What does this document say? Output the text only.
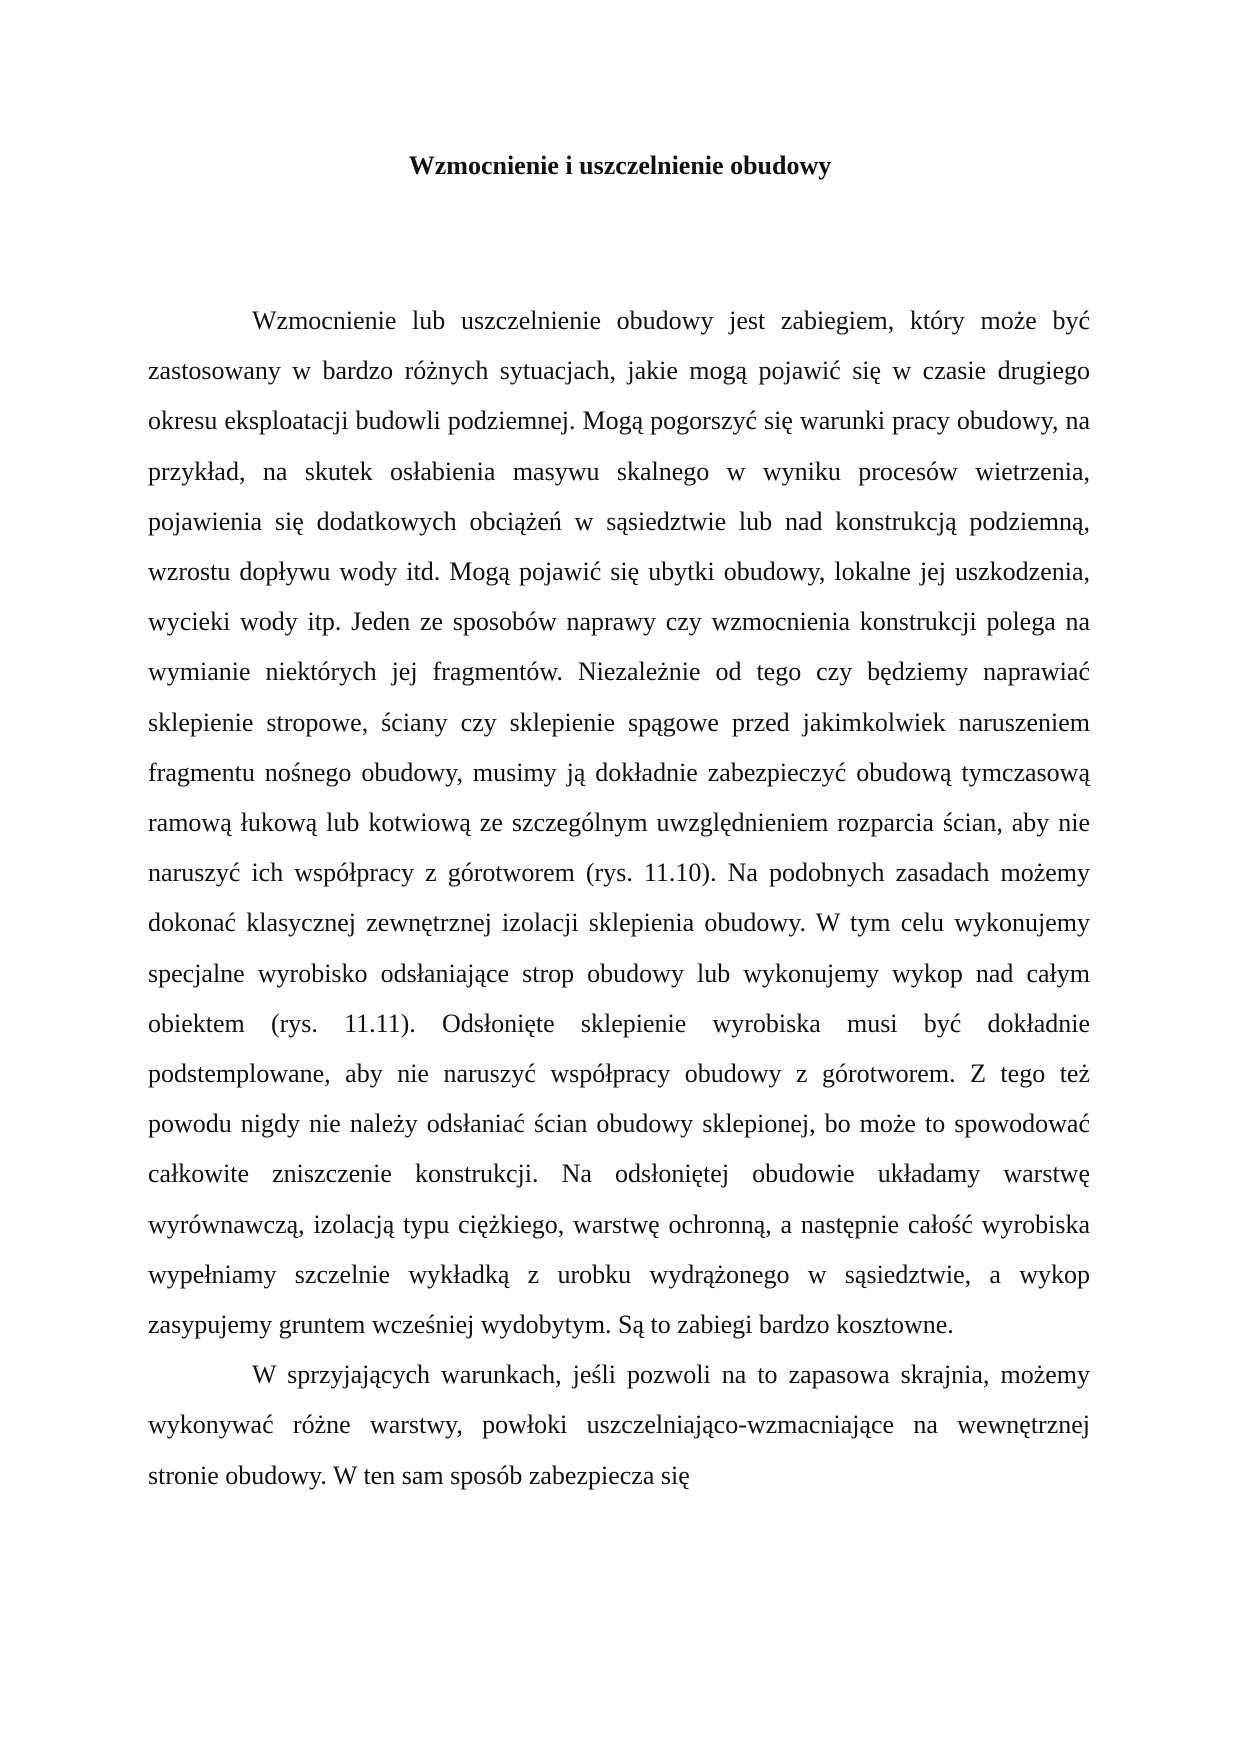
Wzmocnienie i uszczelnienie obudowy

Wzmocnienie lub uszczelnienie obudowy jest zabiegiem, który może być zastosowany w bardzo różnych sytuacjach, jakie mogą pojawić się w czasie drugiego okresu eksploatacji budowli podziemnej. Mogą pogorszyć się warunki pracy obudowy, na przykład, na skutek osłabienia masywu skalnego w wyniku procesów wietrzenia, pojawienia się dodatkowych obciążeń w sąsiedztwie lub nad konstrukcją podziemną, wzrostu dopływu wody itd. Mogą pojawić się ubytki obudowy, lokalne jej uszkodzenia, wycieki wody itp. Jeden ze sposobów naprawy czy wzmocnienia konstrukcji polega na wymianie niektórych jej fragmentów. Niezależnie od tego czy będziemy naprawiać sklepienie stropowe, ściany czy sklepienie spągowe przed jakimkolwiek naruszeniem fragmentu nośnego obudowy, musimy ją dokładnie zabezpieczyć obudową tymczasową ramową łukową lub kotwiową ze szczególnym uwzględnieniem rozparcia ścian, aby nie naruszyć ich współpracy z górotworem (rys. 11.10). Na podobnych zasadach możemy dokonać klasycznej zewnętrznej izolacji sklepienia obudowy. W tym celu wykonujemy specjalne wyrobisko odsłaniające strop obudowy lub wykonujemy wykop nad całym obiektem (rys. 11.11). Odsłonięte sklepienie wyrobiska musi być dokładnie podstemplowane, aby nie naruszyć współpracy obudowy z górotworem. Z tego też powodu nigdy nie należy odsłaniać ścian obudowy sklepionej, bo może to spowodować całkowite zniszczenie konstrukcji. Na odsłoniętej obudowie układamy warstwę wyrównawczą, izolacją typu ciężkiego, warstwę ochronną, a następnie całość wyrobiska wypełniamy szczelnie wykładką z urobku wydrążonego w sąsiedztwie, a wykop zasypujemy gruntem wcześniej wydobytym. Są to zabiegi bardzo kosztowne.

W sprzyjających warunkach, jeśli pozwoli na to zapasowa skrajnia, możemy wykonywać różne warstwy, powłoki uszczelniająco-wzmacniające na wewnętrznej stronie obudowy. W ten sam sposób zabezpiecza się
